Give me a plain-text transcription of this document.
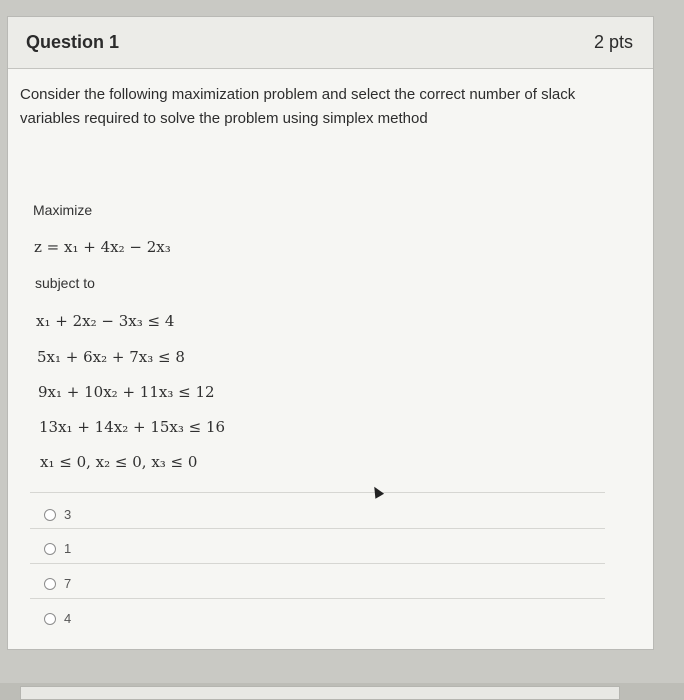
Question 1	2 pts
Consider the following maximization problem and select the correct number of slack variables required to solve the problem using simplex method
Maximize
z = x₁ + 4x₂ − 2x₃
subject to
x₁ + 2x₂ − 3x₃ ≤ 4
5x₁ + 6x₂ + 7x₃ ≤ 8
9x₁ + 10x₂ + 11x₃ ≤ 12
13x₁ + 14x₂ + 15x₃ ≤ 16
x₁ ≤ 0, x₂ ≤ 0, x₃ ≤ 0
3
1
7
4
